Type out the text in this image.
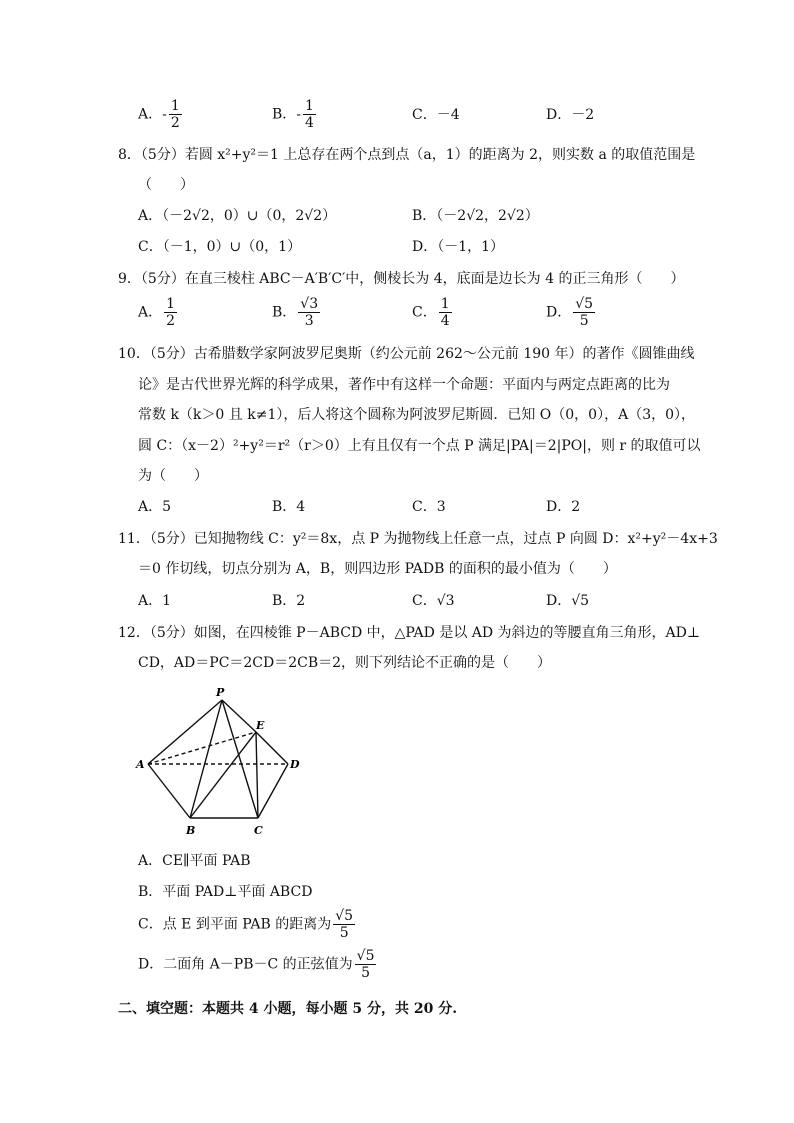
A．- $\frac{1}{2}$	B．- $\frac{1}{4}$	C．－4	D．－2
8．（5分）若圆 x²+y²＝1 上总存在两个点到点（a，1）的距离为 2，则实数 a 的取值范围是
（　　）
A．（－2√2，0）∪（0，2√2）	B．（－2√2，2√2）
C．（－1，0）∪（0，1）	D．（－1，1）
9．（5分）在直三棱柱 ABC－A′B′C′中，侧棱长为 4，底面是边长为 4 的正三角形（　　）
A． $\frac{1}{2}$	B． $\frac{√3}{3}$	C． $\frac{1}{4}$	D． $\frac{√5}{5}$
10．（5分）古希腊数学家阿波罗尼奥斯（约公元前 262～公元前 190 年）的著作《圆锥曲线
论》是古代世界光辉的科学成果，著作中有这样一个命题：平面内与两定点距离的比为
常数 k（k＞0 且 k≠1），后人将这个圆称为阿波罗尼斯圆．已知 O（0，0），A（3，0），
圆 C：（x－2）²+y²＝r²（r＞0）上有且仅有一个点 P 满足|PA|＝2|PO|，则 r 的取值可以
为（　　）
A．5	B．4	C．3	D．2
11．（5分）已知抛物线 C：y²＝8x，点 P 为抛物线上任意一点，过点 P 向圆 D：x²+y²－4x+3
＝0 作切线，切点分别为 A，B，则四边形 PADB 的面积的最小值为（　　）
A．1	B．2	C．√3	D．√5
12．（5分）如图，在四棱锥 P－ABCD 中，△PAD 是以 AD 为斜边的等腰直角三角形，AD⊥
CD，AD＝PC＝2CD＝2CB＝2，则下列结论不正确的是（　　）
P
E
A	D
B	C
A．CE∥平面 PAB
B．平面 PAD⊥平面 ABCD
C．点 E 到平面 PAB 的距离为 $\frac{√5}{5}$
D．二面角 A－PB－C 的正弦值为 $\frac{√5}{5}$
二、填空题：本题共 4 小题，每小题 5 分，共 20 分.
